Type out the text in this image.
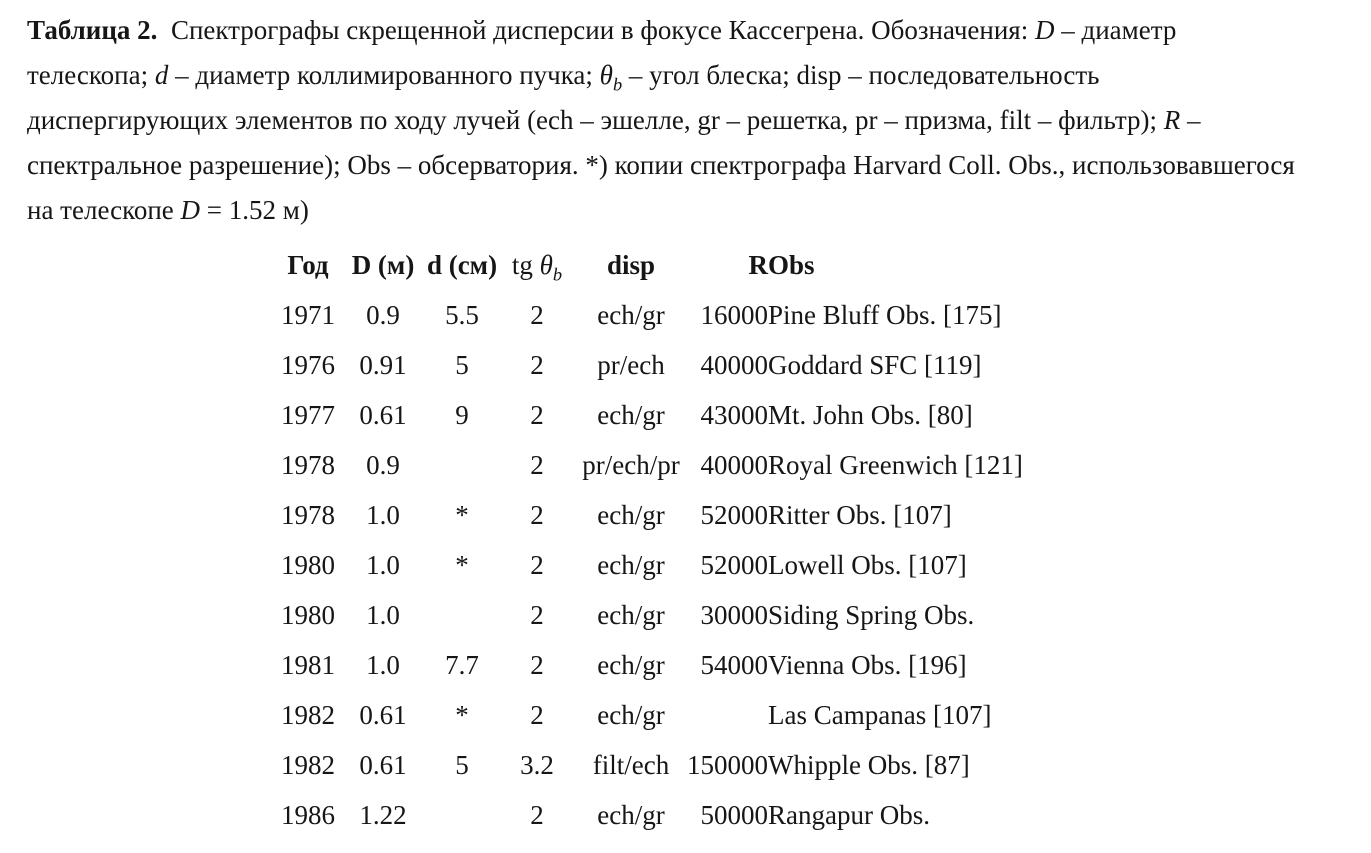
Таблица 2.  Спектрографы скрещенной дисперсии в фокусе Кассегрена. Обозначения: D – диаметр
телескопа; d – диаметр коллимированного пучка; $\theta_b$ – угол блеска; disp – последовательность
диспергирующих элементов по ходу лучей (ech – эшелле, gr – решетка, pr – призма, filt – фильтр); R –
спектральное разрешение); Obs – обсерватория. *) копии спектрографа Harvard Coll. Obs., использовавшегося
на телескопе D = 1.52 м)
Год	D (м)	d (см)	tg $\theta_b$	disp	R	Obs
1971	0.9	5.5	2	ech/gr	16000	Pine Bluff Obs. [175]
1976	0.91	5	2	pr/ech	40000	Goddard SFC [119]
1977	0.61	9	2	ech/gr	43000	Mt. John Obs. [80]
1978	0.9		2	pr/ech/pr	40000	Royal Greenwich [121]
1978	1.0	*	2	ech/gr	52000	Ritter Obs. [107]
1980	1.0	*	2	ech/gr	52000	Lowell Obs. [107]
1980	1.0		2	ech/gr	30000	Siding Spring Obs.
1981	1.0	7.7	2	ech/gr	54000	Vienna Obs. [196]
1982	0.61	*	2	ech/gr		Las Campanas [107]
1982	0.61	5	3.2	filt/ech	150000	Whipple Obs. [87]
1986	1.22		2	ech/gr	50000	Rangapur Obs.
